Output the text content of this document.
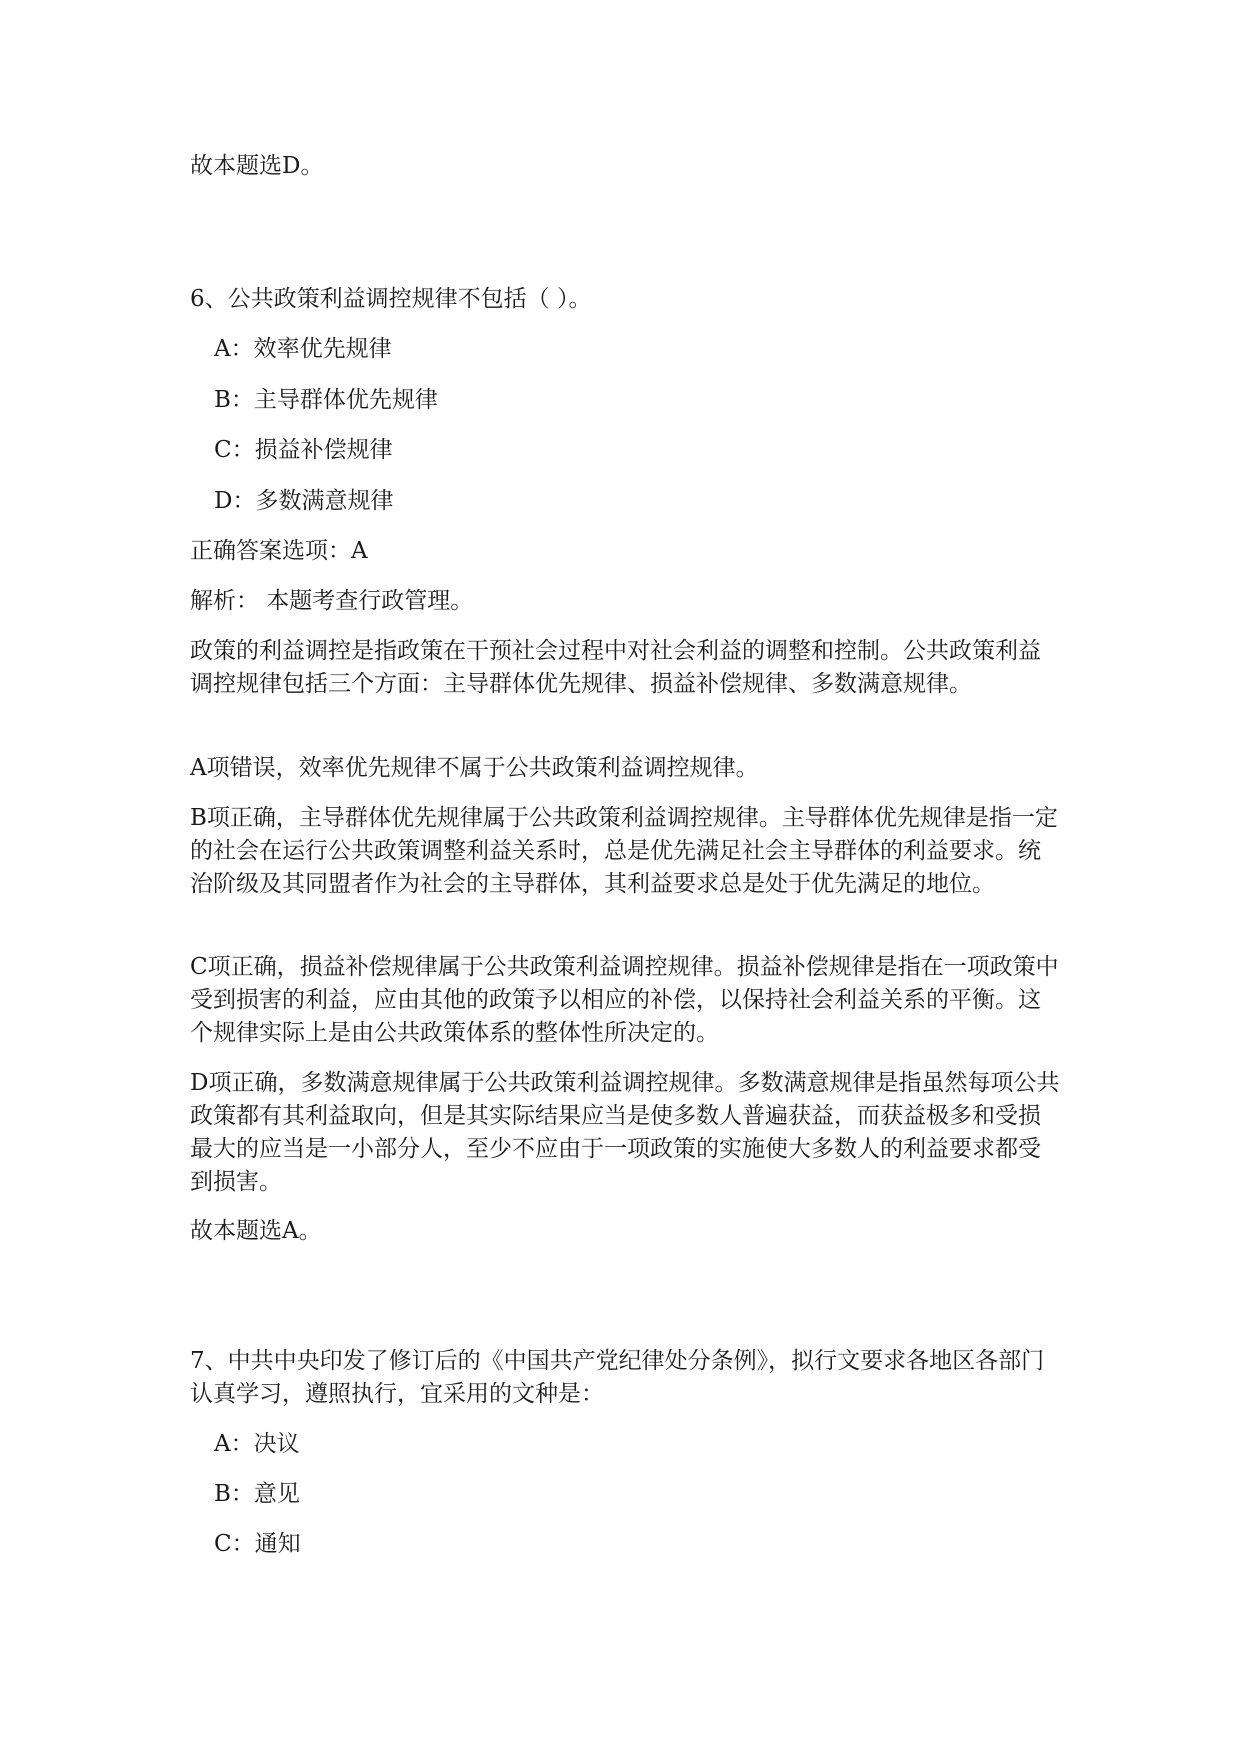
故本题选D。

6、公共政策利益调控规律不包括（ ）。

A：效率优先规律

B：主导群体优先规律

C：损益补偿规律

D：多数满意规律

正确答案选项：A

解析： 本题考查行政管理。

政策的利益调控是指政策在干预社会过程中对社会利益的调整和控制。公共政策利益调控规律包括三个方面：主导群体优先规律、损益补偿规律、多数满意规律。

A项错误，效率优先规律不属于公共政策利益调控规律。

B项正确，主导群体优先规律属于公共政策利益调控规律。主导群体优先规律是指一定的社会在运行公共政策调整利益关系时，总是优先满足社会主导群体的利益要求。统治阶级及其同盟者作为社会的主导群体，其利益要求总是处于优先满足的地位。

C项正确，损益补偿规律属于公共政策利益调控规律。损益补偿规律是指在一项政策中受到损害的利益，应由其他的政策予以相应的补偿，以保持社会利益关系的平衡。这个规律实际上是由公共政策体系的整体性所决定的。

D项正确，多数满意规律属于公共政策利益调控规律。多数满意规律是指虽然每项公共政策都有其利益取向，但是其实际结果应当是使多数人普遍获益，而获益极多和受损最大的应当是一小部分人，至少不应由于一项政策的实施使大多数人的利益要求都受到损害。

故本题选A。

7、中共中央印发了修订后的《中国共产党纪律处分条例》，拟行文要求各地区各部门认真学习，遵照执行，宜采用的文种是：

A：决议

B：意见

C：通知
